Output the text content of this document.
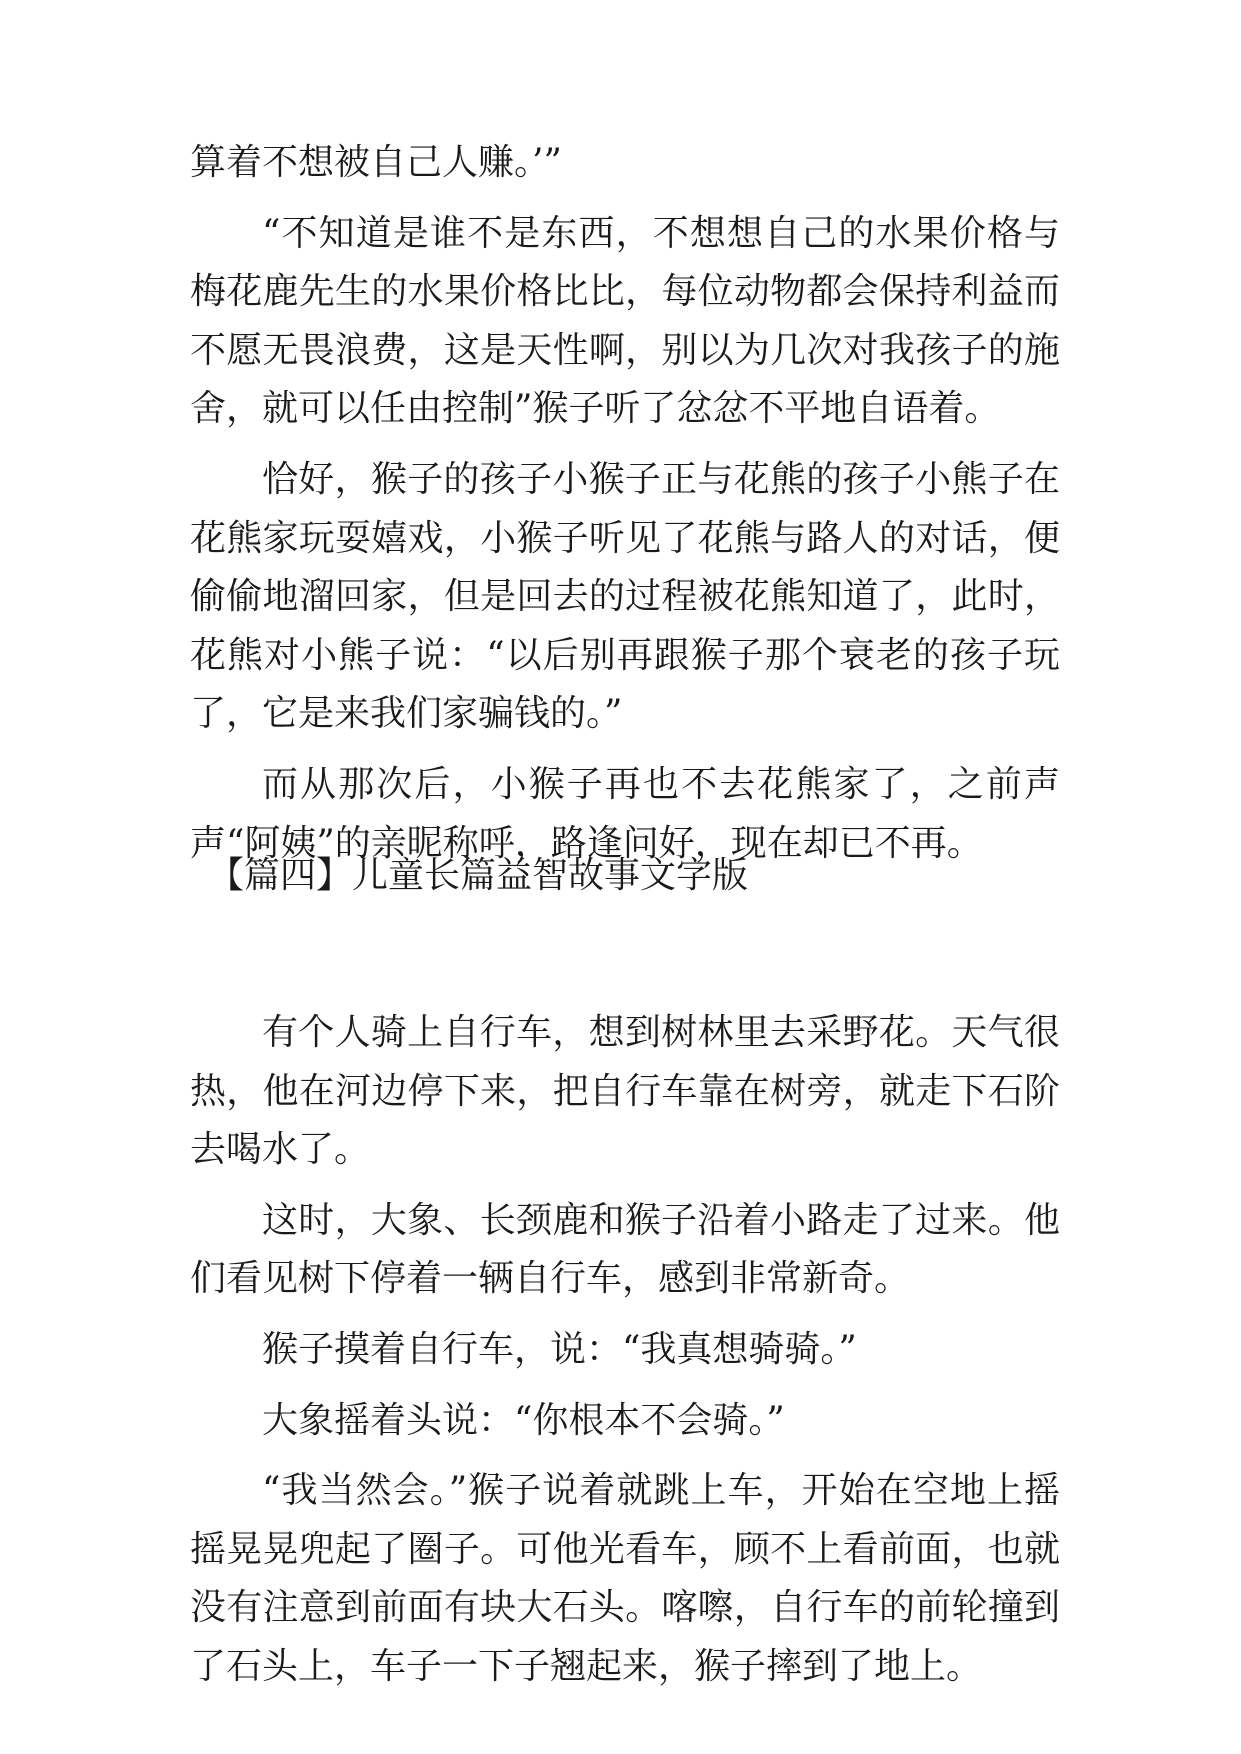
算着不想被自己人赚。’”

“不知道是谁不是东西，不想想自己的水果价格与梅花鹿先生的水果价格比比，每位动物都会保持利益而不愿无畏浪费，这是天性啊，别以为几次对我孩子的施舍，就可以任由控制”猴子听了忿忿不平地自语着。

恰好，猴子的孩子小猴子正与花熊的孩子小熊子在花熊家玩耍嬉戏，小猴子听见了花熊与路人的对话，便偷偷地溜回家，但是回去的过程被花熊知道了，此时，花熊对小熊子说：“以后别再跟猴子那个衰老的孩子玩了，它是来我们家骗钱的。”

而从那次后，小猴子再也不去花熊家了，之前声声“阿姨”的亲昵称呼，路逢问好，现在却已不再。

【篇四】儿童长篇益智故事文字版

有个人骑上自行车，想到树林里去采野花。天气很热，他在河边停下来，把自行车靠在树旁，就走下石阶去喝水了。

这时，大象、长颈鹿和猴子沿着小路走了过来。他们看见树下停着一辆自行车，感到非常新奇。

猴子摸着自行车，说：“我真想骑骑。”

大象摇着头说：“你根本不会骑。”

“我当然会。”猴子说着就跳上车，开始在空地上摇摇晃晃兜起了圈子。可他光看车，顾不上看前面，也就没有注意到前面有块大石头。喀嚓，自行车的前轮撞到了石头上，车子一下子翘起来，猴子摔到了地上。
